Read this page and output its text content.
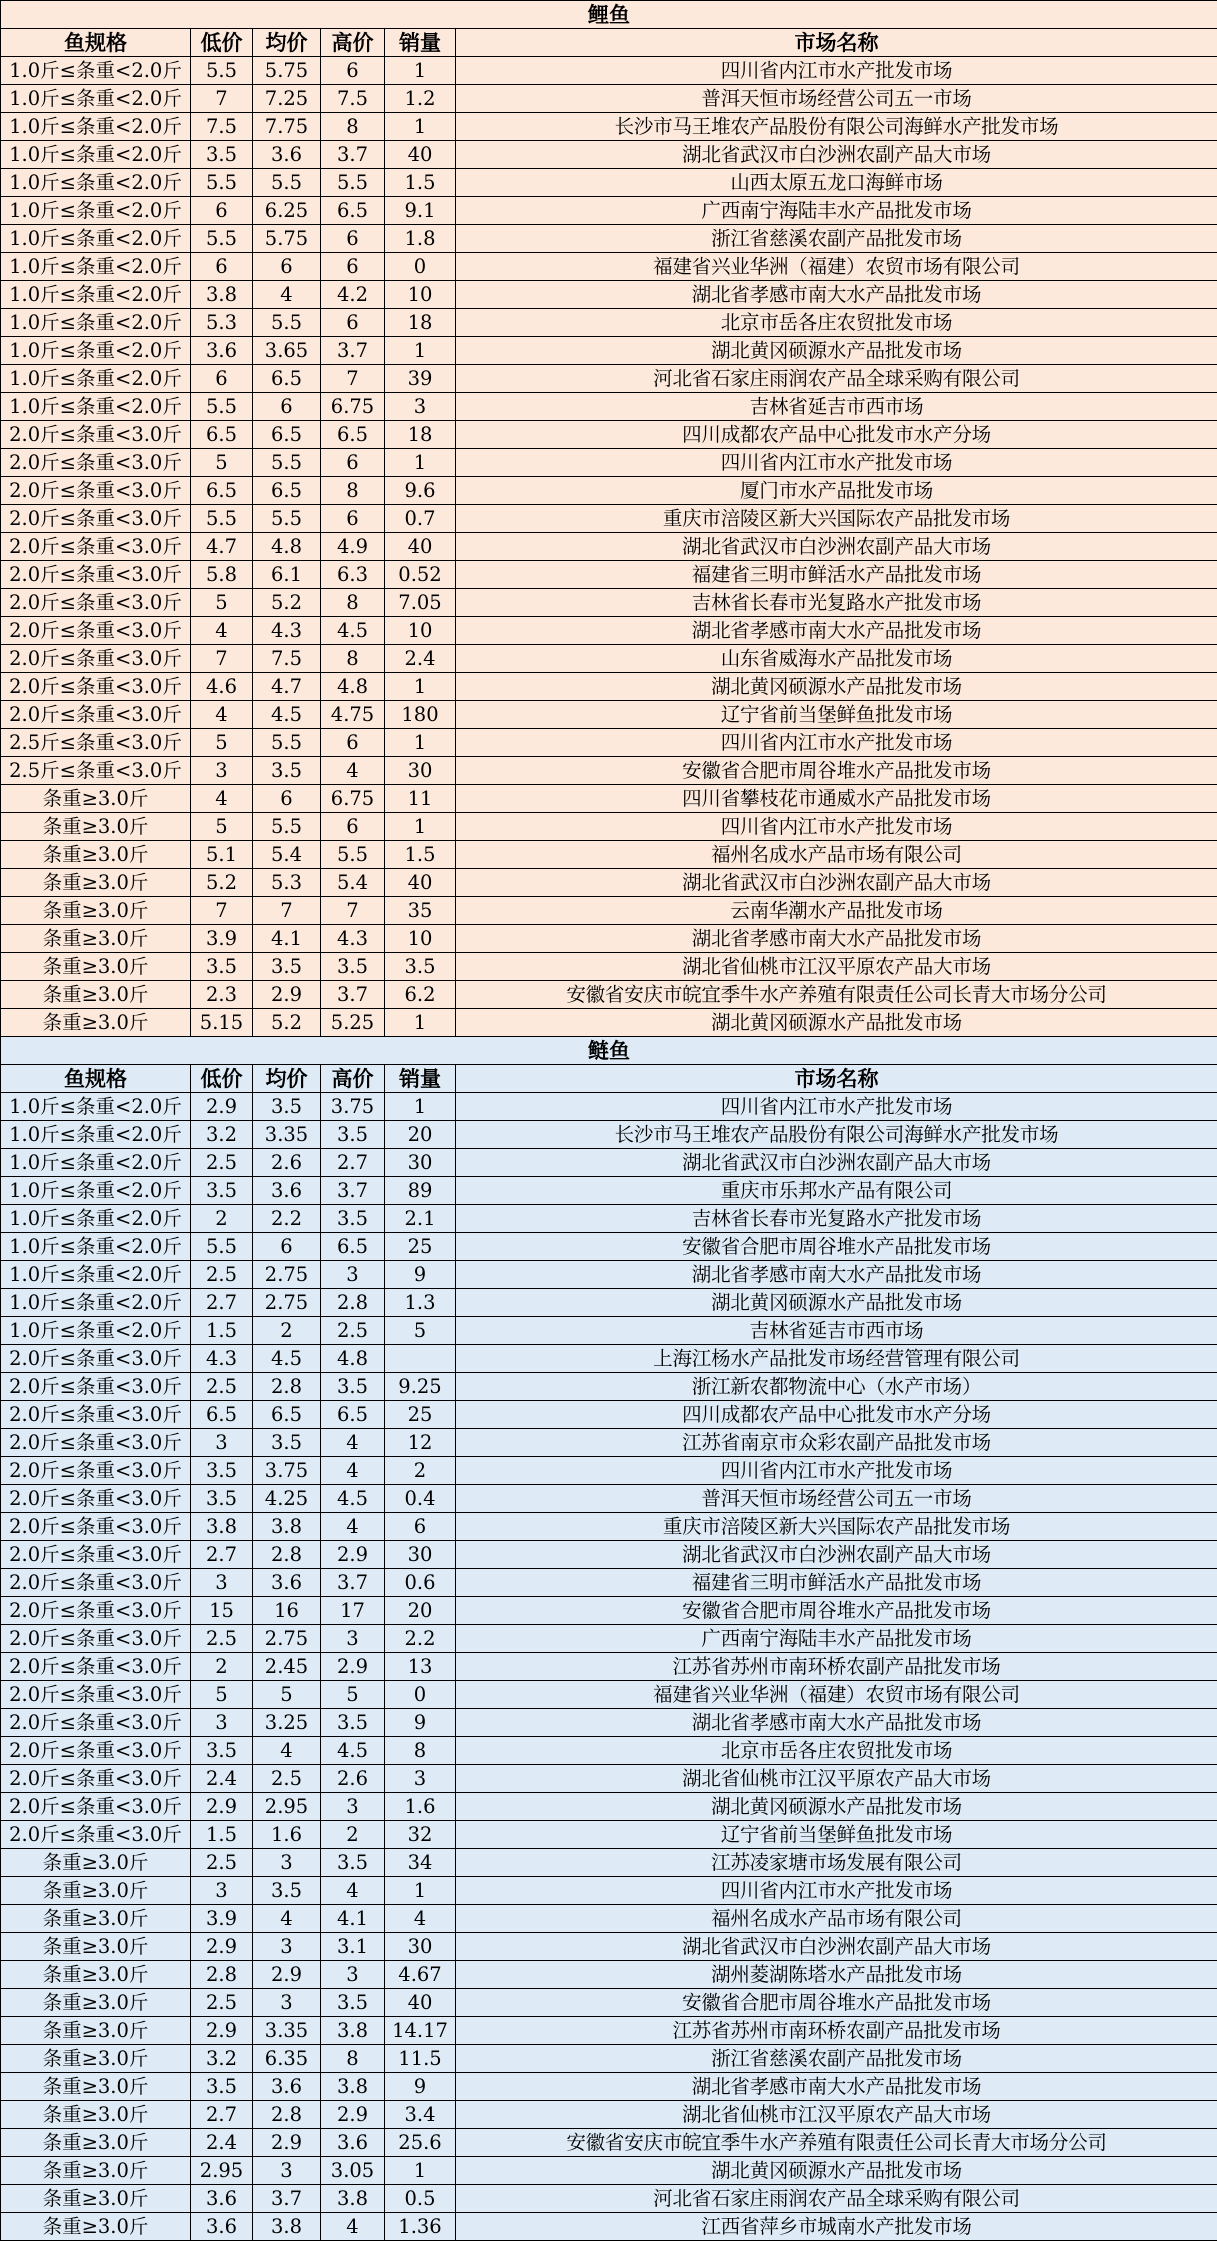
鲤鱼					
鱼规格	低价	均价	高价	销量	市场名称
1.0斤≤条重<2.0斤	5.5	5.75	6	1	四川省内江市水产批发市场
1.0斤≤条重<2.0斤	7	7.25	7.5	1.2	普洱天恒市场经营公司五一市场
1.0斤≤条重<2.0斤	7.5	7.75	8	1	长沙市马王堆农产品股份有限公司海鲜水产批发市场
1.0斤≤条重<2.0斤	3.5	3.6	3.7	40	湖北省武汉市白沙洲农副产品大市场
1.0斤≤条重<2.0斤	5.5	5.5	5.5	1.5	山西太原五龙口海鲜市场
1.0斤≤条重<2.0斤	6	6.25	6.5	9.1	广西南宁海陆丰水产品批发市场
1.0斤≤条重<2.0斤	5.5	5.75	6	1.8	浙江省慈溪农副产品批发市场
1.0斤≤条重<2.0斤	6	6	6	0	福建省兴业华洲（福建）农贸市场有限公司
1.0斤≤条重<2.0斤	3.8	4	4.2	10	湖北省孝感市南大水产品批发市场
1.0斤≤条重<2.0斤	5.3	5.5	6	18	北京市岳各庄农贸批发市场
1.0斤≤条重<2.0斤	3.6	3.65	3.7	1	湖北黄冈硕源水产品批发市场
1.0斤≤条重<2.0斤	6	6.5	7	39	河北省石家庄雨润农产品全球采购有限公司
1.0斤≤条重<2.0斤	5.5	6	6.75	3	吉林省延吉市西市场
2.0斤≤条重<3.0斤	6.5	6.5	6.5	18	四川成都农产品中心批发市水产分场
2.0斤≤条重<3.0斤	5	5.5	6	1	四川省内江市水产批发市场
2.0斤≤条重<3.0斤	6.5	6.5	8	9.6	厦门市水产品批发市场
2.0斤≤条重<3.0斤	5.5	5.5	6	0.7	重庆市涪陵区新大兴国际农产品批发市场
2.0斤≤条重<3.0斤	4.7	4.8	4.9	40	湖北省武汉市白沙洲农副产品大市场
2.0斤≤条重<3.0斤	5.8	6.1	6.3	0.52	福建省三明市鲜活水产品批发市场
2.0斤≤条重<3.0斤	5	5.2	8	7.05	吉林省长春市光复路水产批发市场
2.0斤≤条重<3.0斤	4	4.3	4.5	10	湖北省孝感市南大水产品批发市场
2.0斤≤条重<3.0斤	7	7.5	8	2.4	山东省威海水产品批发市场
2.0斤≤条重<3.0斤	4.6	4.7	4.8	1	湖北黄冈硕源水产品批发市场
2.0斤≤条重<3.0斤	4	4.5	4.75	180	辽宁省前当堡鲜鱼批发市场
2.5斤≤条重<3.0斤	5	5.5	6	1	四川省内江市水产批发市场
2.5斤≤条重<3.0斤	3	3.5	4	30	安徽省合肥市周谷堆水产品批发市场
条重≥3.0斤	4	6	6.75	11	四川省攀枝花市通威水产品批发市场
条重≥3.0斤	5	5.5	6	1	四川省内江市水产批发市场
条重≥3.0斤	5.1	5.4	5.5	1.5	福州名成水产品市场有限公司
条重≥3.0斤	5.2	5.3	5.4	40	湖北省武汉市白沙洲农副产品大市场
条重≥3.0斤	7	7	7	35	云南华潮水产品批发市场
条重≥3.0斤	3.9	4.1	4.3	10	湖北省孝感市南大水产品批发市场
条重≥3.0斤	3.5	3.5	3.5	3.5	湖北省仙桃市江汉平原农产品大市场
条重≥3.0斤	2.3	2.9	3.7	6.2	安徽省安庆市皖宜季牛水产养殖有限责任公司长青大市场分公司
条重≥3.0斤	5.15	5.2	5.25	1	湖北黄冈硕源水产品批发市场
鲢鱼					
鱼规格	低价	均价	高价	销量	市场名称
1.0斤≤条重<2.0斤	2.9	3.5	3.75	1	四川省内江市水产批发市场
1.0斤≤条重<2.0斤	3.2	3.35	3.5	20	长沙市马王堆农产品股份有限公司海鲜水产批发市场
1.0斤≤条重<2.0斤	2.5	2.6	2.7	30	湖北省武汉市白沙洲农副产品大市场
1.0斤≤条重<2.0斤	3.5	3.6	3.7	89	重庆市乐邦水产品有限公司
1.0斤≤条重<2.0斤	2	2.2	3.5	2.1	吉林省长春市光复路水产批发市场
1.0斤≤条重<2.0斤	5.5	6	6.5	25	安徽省合肥市周谷堆水产品批发市场
1.0斤≤条重<2.0斤	2.5	2.75	3	9	湖北省孝感市南大水产品批发市场
1.0斤≤条重<2.0斤	2.7	2.75	2.8	1.3	湖北黄冈硕源水产品批发市场
1.0斤≤条重<2.0斤	1.5	2	2.5	5	吉林省延吉市西市场
2.0斤≤条重<3.0斤	4.3	4.5	4.8		上海江杨水产品批发市场经营管理有限公司
2.0斤≤条重<3.0斤	2.5	2.8	3.5	9.25	浙江新农都物流中心（水产市场）
2.0斤≤条重<3.0斤	6.5	6.5	6.5	25	四川成都农产品中心批发市水产分场
2.0斤≤条重<3.0斤	3	3.5	4	12	江苏省南京市众彩农副产品批发市场
2.0斤≤条重<3.0斤	3.5	3.75	4	2	四川省内江市水产批发市场
2.0斤≤条重<3.0斤	3.5	4.25	4.5	0.4	普洱天恒市场经营公司五一市场
2.0斤≤条重<3.0斤	3.8	3.8	4	6	重庆市涪陵区新大兴国际农产品批发市场
2.0斤≤条重<3.0斤	2.7	2.8	2.9	30	湖北省武汉市白沙洲农副产品大市场
2.0斤≤条重<3.0斤	3	3.6	3.7	0.6	福建省三明市鲜活水产品批发市场
2.0斤≤条重<3.0斤	15	16	17	20	安徽省合肥市周谷堆水产品批发市场
2.0斤≤条重<3.0斤	2.5	2.75	3	2.2	广西南宁海陆丰水产品批发市场
2.0斤≤条重<3.0斤	2	2.45	2.9	13	江苏省苏州市南环桥农副产品批发市场
2.0斤≤条重<3.0斤	5	5	5	0	福建省兴业华洲（福建）农贸市场有限公司
2.0斤≤条重<3.0斤	3	3.25	3.5	9	湖北省孝感市南大水产品批发市场
2.0斤≤条重<3.0斤	3.5	4	4.5	8	北京市岳各庄农贸批发市场
2.0斤≤条重<3.0斤	2.4	2.5	2.6	3	湖北省仙桃市江汉平原农产品大市场
2.0斤≤条重<3.0斤	2.9	2.95	3	1.6	湖北黄冈硕源水产品批发市场
2.0斤≤条重<3.0斤	1.5	1.6	2	32	辽宁省前当堡鲜鱼批发市场
条重≥3.0斤	2.5	3	3.5	34	江苏凌家塘市场发展有限公司
条重≥3.0斤	3	3.5	4	1	四川省内江市水产批发市场
条重≥3.0斤	3.9	4	4.1	4	福州名成水产品市场有限公司
条重≥3.0斤	2.9	3	3.1	30	湖北省武汉市白沙洲农副产品大市场
条重≥3.0斤	2.8	2.9	3	4.67	湖州菱湖陈塔水产品批发市场
条重≥3.0斤	2.5	3	3.5	40	安徽省合肥市周谷堆水产品批发市场
条重≥3.0斤	2.9	3.35	3.8	14.17	江苏省苏州市南环桥农副产品批发市场
条重≥3.0斤	3.2	6.35	8	11.5	浙江省慈溪农副产品批发市场
条重≥3.0斤	3.5	3.6	3.8	9	湖北省孝感市南大水产品批发市场
条重≥3.0斤	2.7	2.8	2.9	3.4	湖北省仙桃市江汉平原农产品大市场
条重≥3.0斤	2.4	2.9	3.6	25.6	安徽省安庆市皖宜季牛水产养殖有限责任公司长青大市场分公司
条重≥3.0斤	2.95	3	3.05	1	湖北黄冈硕源水产品批发市场
条重≥3.0斤	3.6	3.7	3.8	0.5	河北省石家庄雨润农产品全球采购有限公司
条重≥3.0斤	3.6	3.8	4	1.36	江西省萍乡市城南水产批发市场
